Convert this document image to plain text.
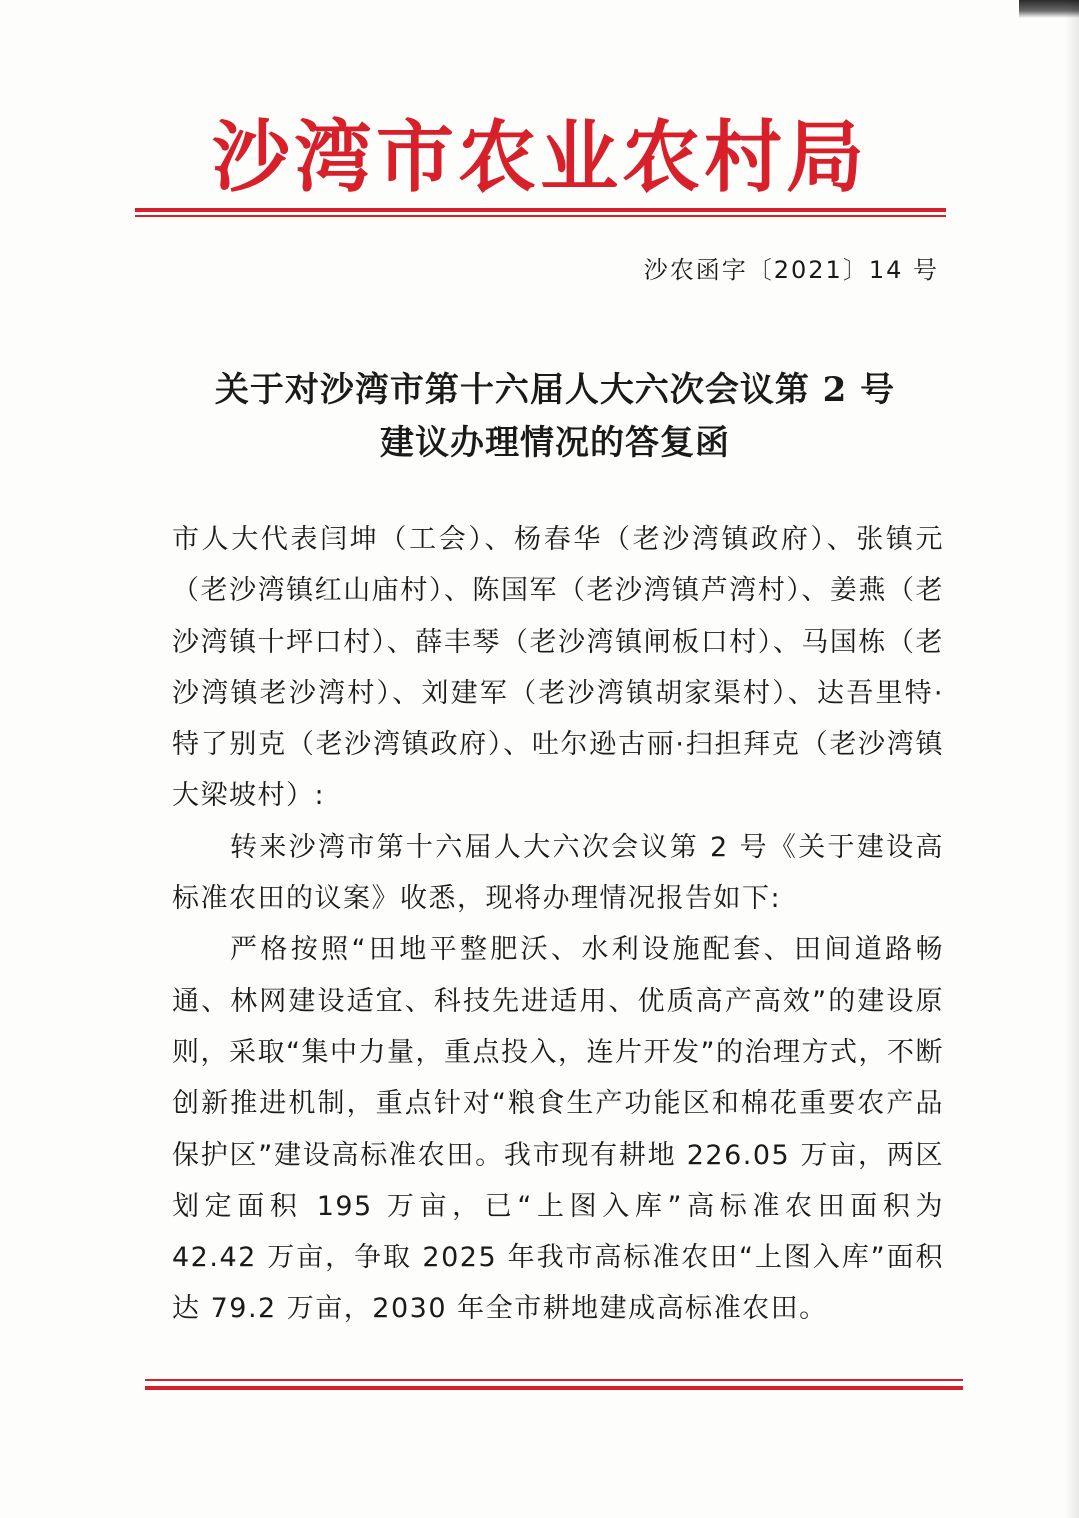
沙湾市农业农村局
沙农函字〔2021〕14 号
关于对沙湾市第十六届人大六次会议第 2 号
建议办理情况的答复函

市人大代表闫坤（工会）、杨春华（老沙湾镇政府）、张镇元（老沙湾镇红山庙村）、陈国军（老沙湾镇芦湾村）、姜燕（老沙湾镇十坪口村）、薛丰琴（老沙湾镇闸板口村）、马国栋（老沙湾镇老沙湾村）、刘建军（老沙湾镇胡家渠村）、达吾里特·特了别克（老沙湾镇政府）、吐尔逊古丽·扫担拜克（老沙湾镇大梁坡村）:

转来沙湾市第十六届人大六次会议第 2 号《关于建设高标准农田的议案》收悉，现将办理情况报告如下:

严格按照“田地平整肥沃、水利设施配套、田间道路畅通、林网建设适宜、科技先进适用、优质高产高效”的建设原则，采取“集中力量，重点投入，连片开发”的治理方式，不断创新推进机制，重点针对“粮食生产功能区和棉花重要农产品保护区”建设高标准农田。我市现有耕地 226.05 万亩，两区划定面积 195 万亩，已“上图入库”高标准农田面积为 42.42 万亩，争取 2025 年我市高标准农田“上图入库”面积达 79.2 万亩，2030 年全市耕地建成高标准农田。
